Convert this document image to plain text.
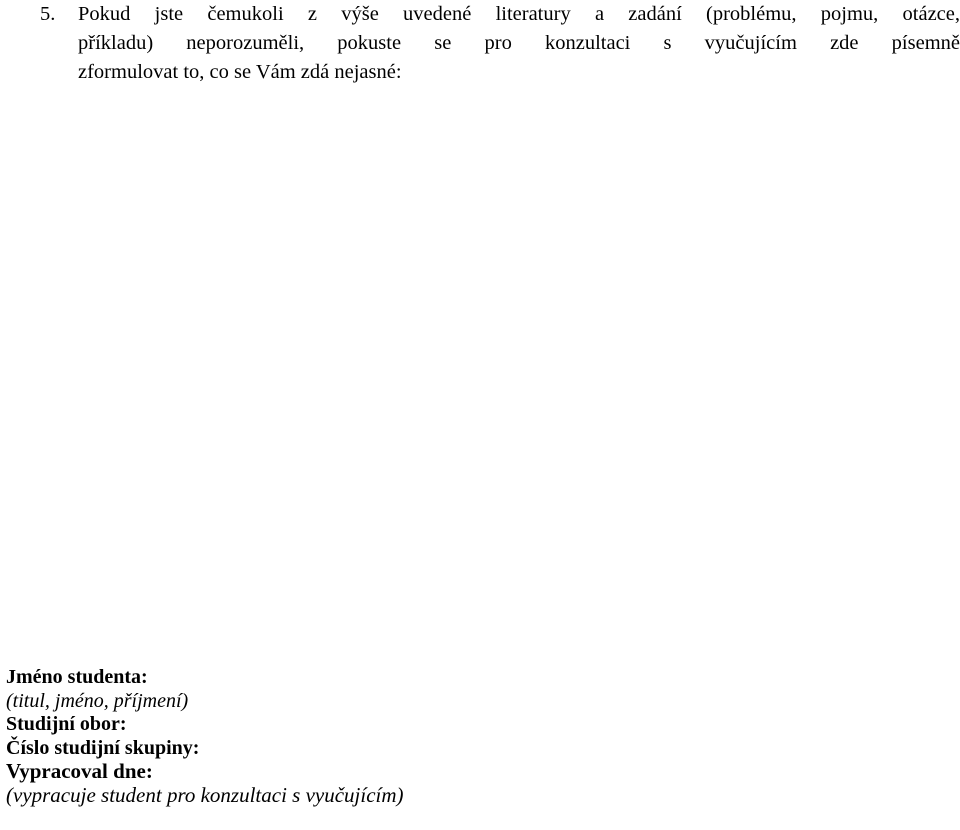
5. Pokud jste čemukoli z výše uvedené literatury a zadání (problému, pojmu, otázce,
příkladu) neporozuměli, pokuste se pro konzultaci s vyučujícím zde písemně
zformulovat to, co se Vám zdá nejasné:
Jméno studenta:
(titul, jméno, příjmení)
Studijní obor:
Číslo studijní skupiny:
Vypracoval dne:
(vypracuje student pro konzultaci s vyučujícím)
